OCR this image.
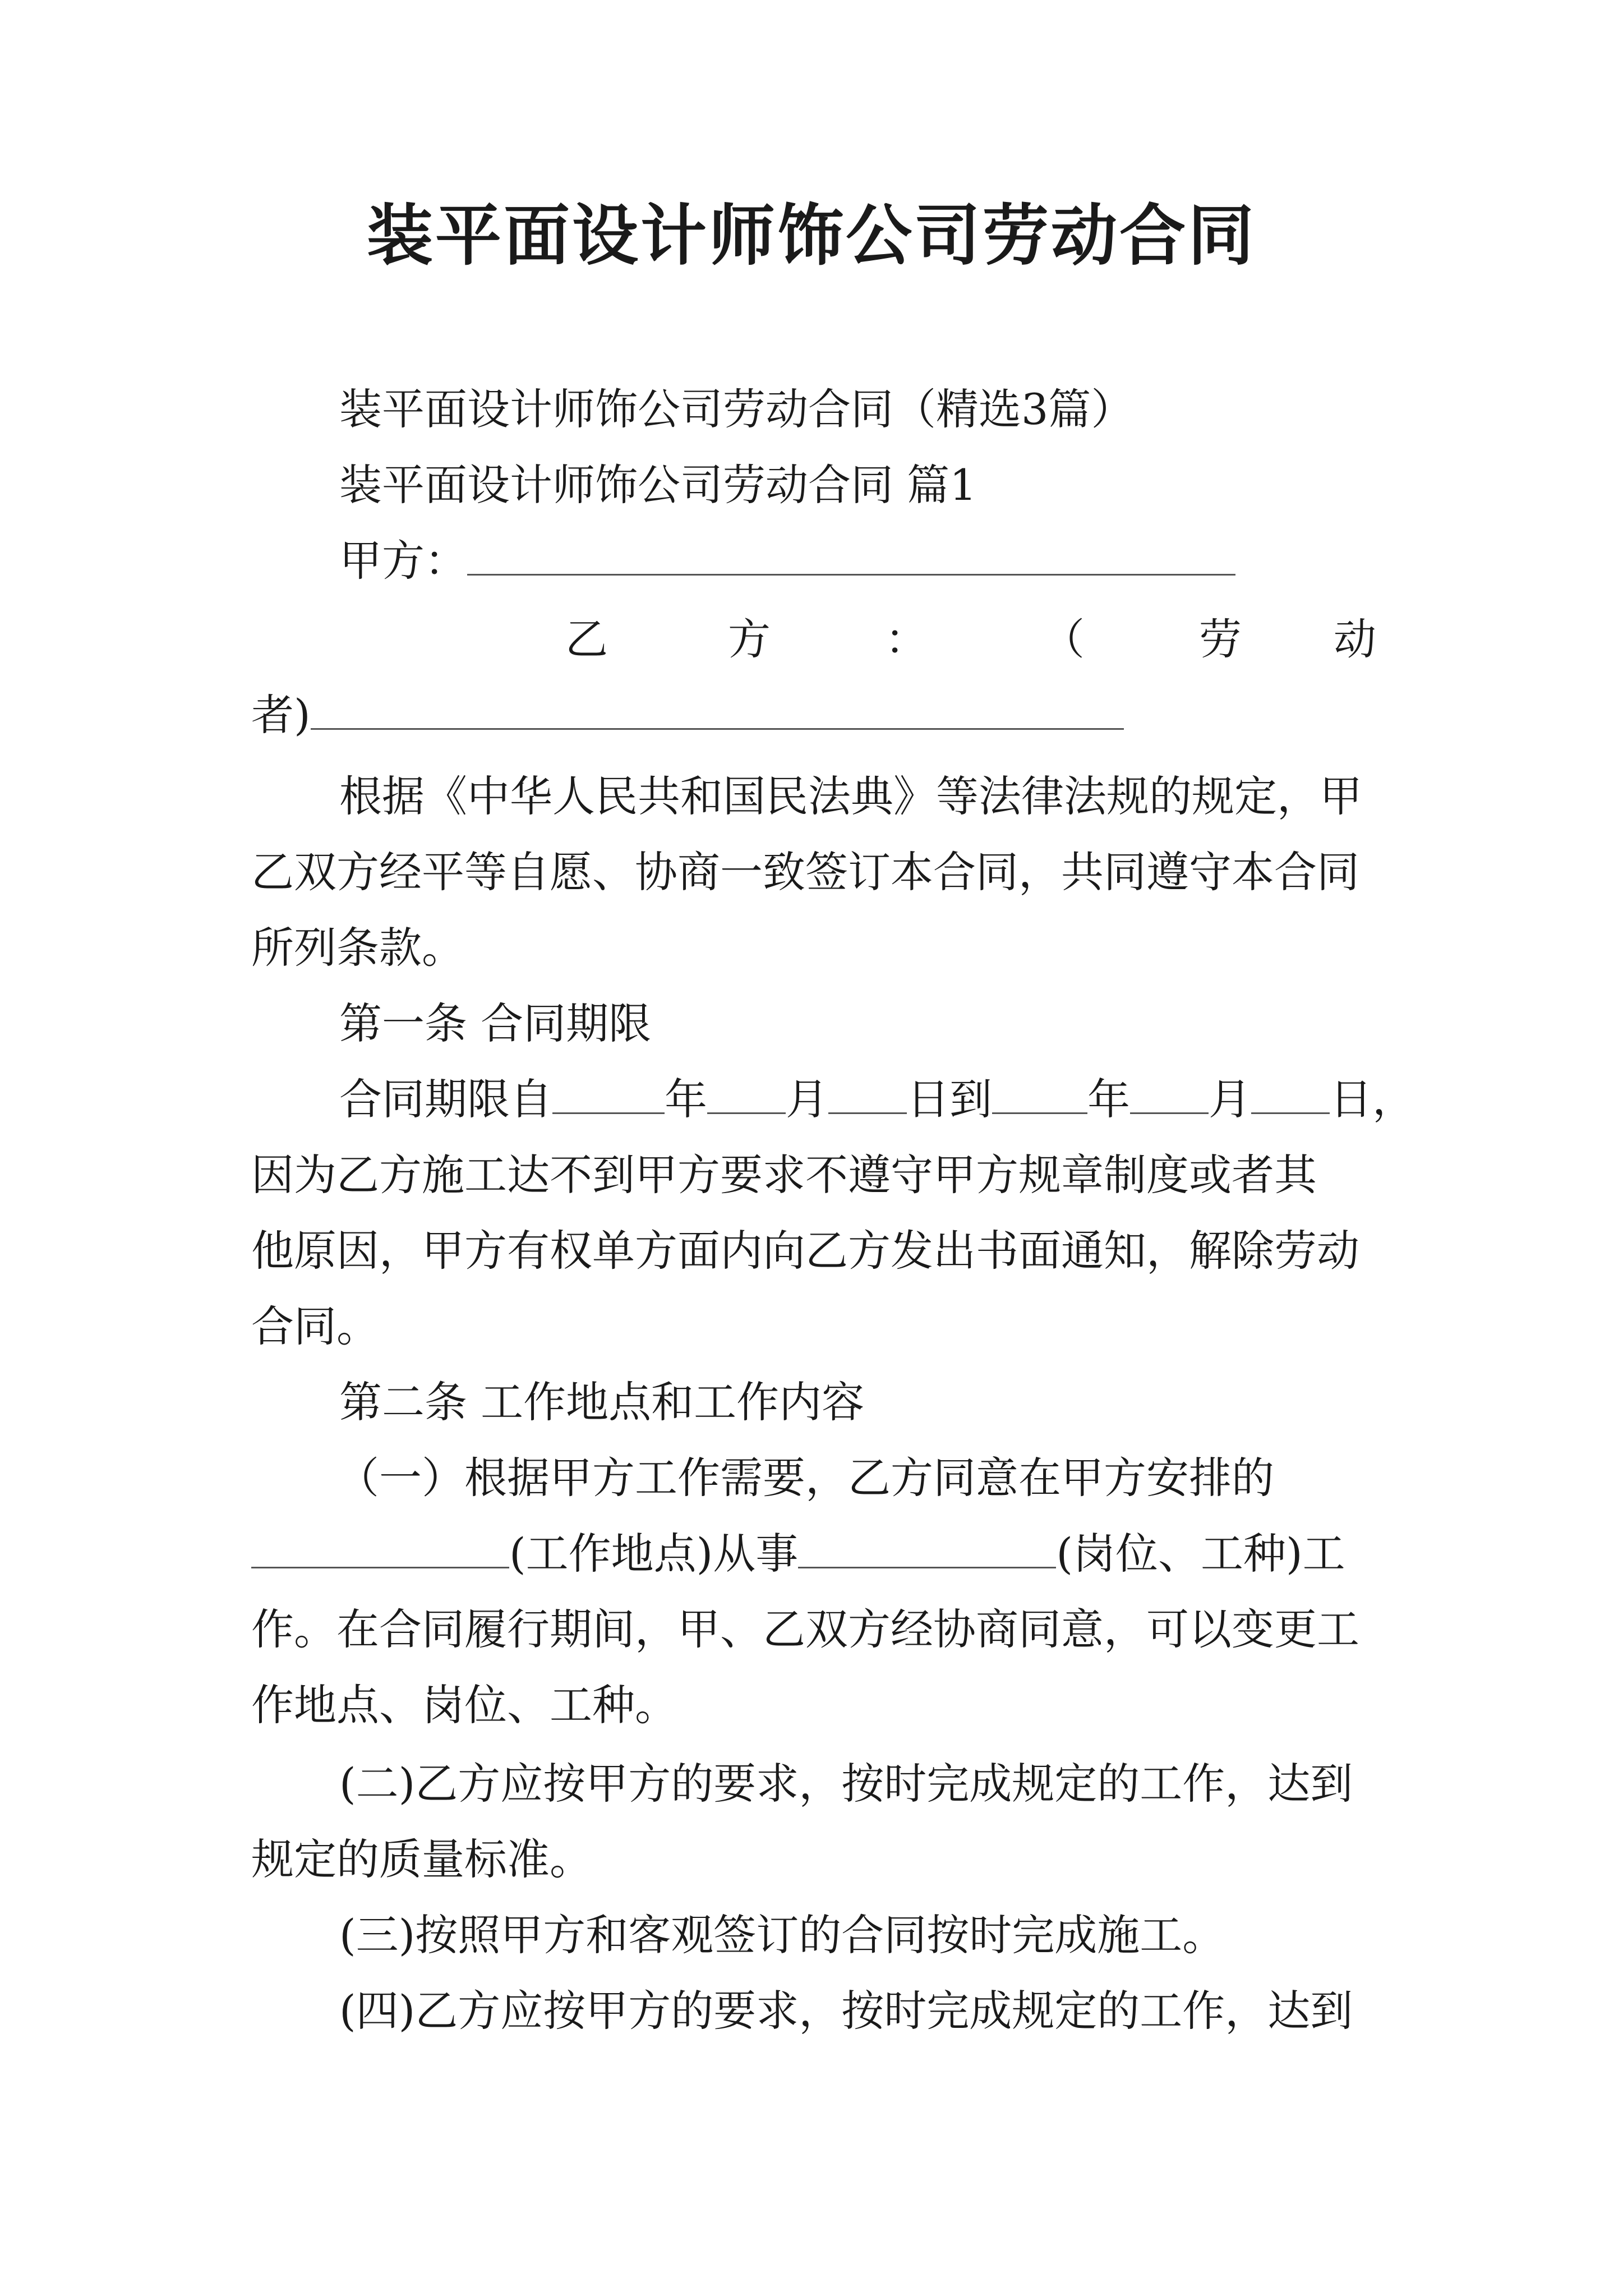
装平面设计师饰公司劳动合同
装平面设计师饰公司劳动合同（精选3篇）
装平面设计师饰公司劳动合同 篇1
甲方：
乙	方	：	（	劳 动
者)
根据《中华人民共和国民法典》等法律法规的规定，甲
乙双方经平等自愿、协商一致签订本合同，共同遵守本合同
所列条款。
第一条 合同期限
合同期限自	年 月 日到 年 月 日，
因为乙方施工达不到甲方要求不遵守甲方规章制度或者其
他原因，甲方有权单方面内向乙方发出书面通知，解除劳动
合同。
第二条 工作地点和工作内容
（一）根据甲方工作需要，乙方同意在甲方安排的
(工作地点)从事	(岗位、工种)工
作。在合同履行期间，甲、乙双方经协商同意，可以变更工
作地点、岗位、工种。
(二)乙方应按甲方的要求，按时完成规定的工作，达到
规定的质量标准。
(三)按照甲方和客观签订的合同按时完成施工。
(四)乙方应按甲方的要求，按时完成规定的工作，达到
